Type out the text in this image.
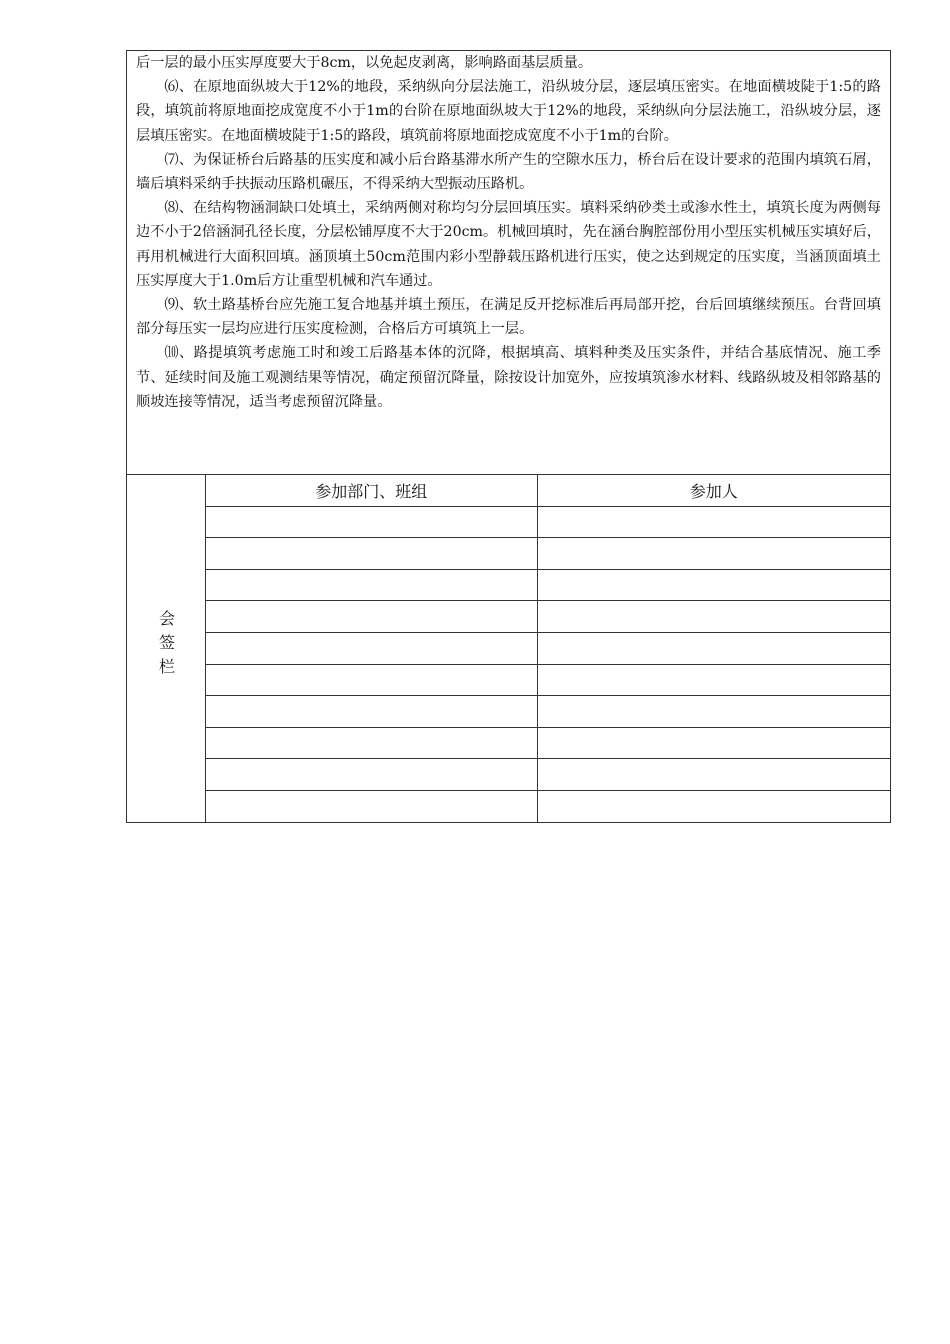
后一层的最小压实厚度要大于8cm，以免起皮剥离，影响路面基层质量。

⑹、在原地面纵坡大于12%的地段，采纳纵向分层法施工，沿纵坡分层，逐层填压密实。在地面横坡陡于1:5的路段，填筑前将原地面挖成宽度不小于1m的台阶在原地面纵坡大于12%的地段，采纳纵向分层法施工，沿纵坡分层，逐层填压密实。在地面横坡陡于1:5的路段，填筑前将原地面挖成宽度不小于1m的台阶。

⑺、为保证桥台后路基的压实度和减小后台路基滞水所产生的空隙水压力，桥台后在设计要求的范围内填筑石屑，墙后填料采纳手扶振动压路机碾压，不得采纳大型振动压路机。

⑻、在结构物涵洞缺口处填土，采纳两侧对称均匀分层回填压实。填料采纳砂类土或渗水性土，填筑长度为两侧每边不小于2倍涵洞孔径长度，分层松铺厚度不大于20cm。机械回填时，先在涵台胸腔部份用小型压实机械压实填好后，再用机械进行大面积回填。涵顶填土50cm范围内彩小型静载压路机进行压实，使之达到规定的压实度，当涵顶面填土压实厚度大于1.0m后方让重型机械和汽车通过。

⑼、软土路基桥台应先施工复合地基并填土预压，在满足反开挖标准后再局部开挖，台后回填继续预压。台背回填部分每压实一层均应进行压实度检测，合格后方可填筑上一层。

⑽、路提填筑考虑施工时和竣工后路基本体的沉降，根据填高、填料种类及压实条件，并结合基底情况、施工季节、延续时间及施工观测结果等情况，确定预留沉降量，除按设计加宽外，应按填筑渗水材料、线路纵坡及相邻路基的顺坡连接等情况，适当考虑预留沉降量。

会签栏	参加部门、班组	参加人
